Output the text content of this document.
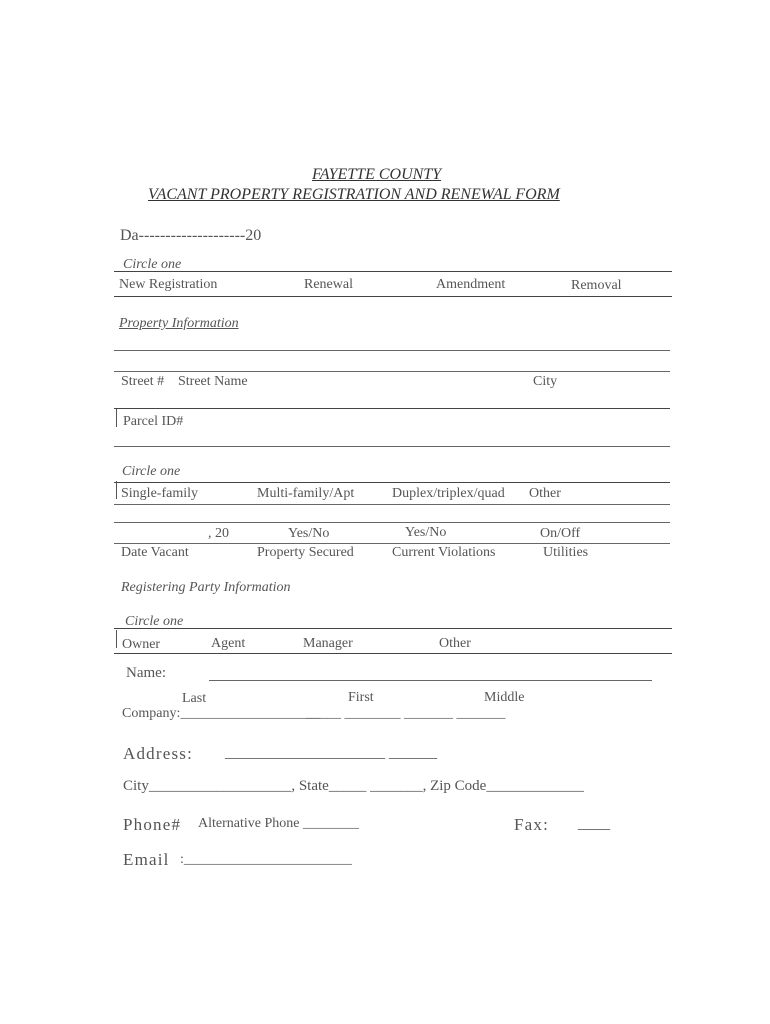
FAYETTE COUNTY
VACANT PROPERTY REGISTRATION AND RENEWAL FORM
Da--------------------20
Circle one
New Registration	Renewal	Amendment	Removal
Property Information
Street # Street Name	City
Parcel ID#
Circle one
Single-family	Multi-family/Apt	Duplex/triplex/quad Other
, 20	Yes/No	Yes/No	On/Off
Date Vacant	Property Secured	Current Violations	Utilities
Registering Party Information
Circle one
Owner	Agent	Manager	Other
Name:
Last	First	Middle
Company:____________________
_____ ________ _______ _______
Address: ____________________ ______
City___________________, State_____ _______, Zip Code_____________
Phone# Alternative Phone ________	Fax: ____
Email :________________________
